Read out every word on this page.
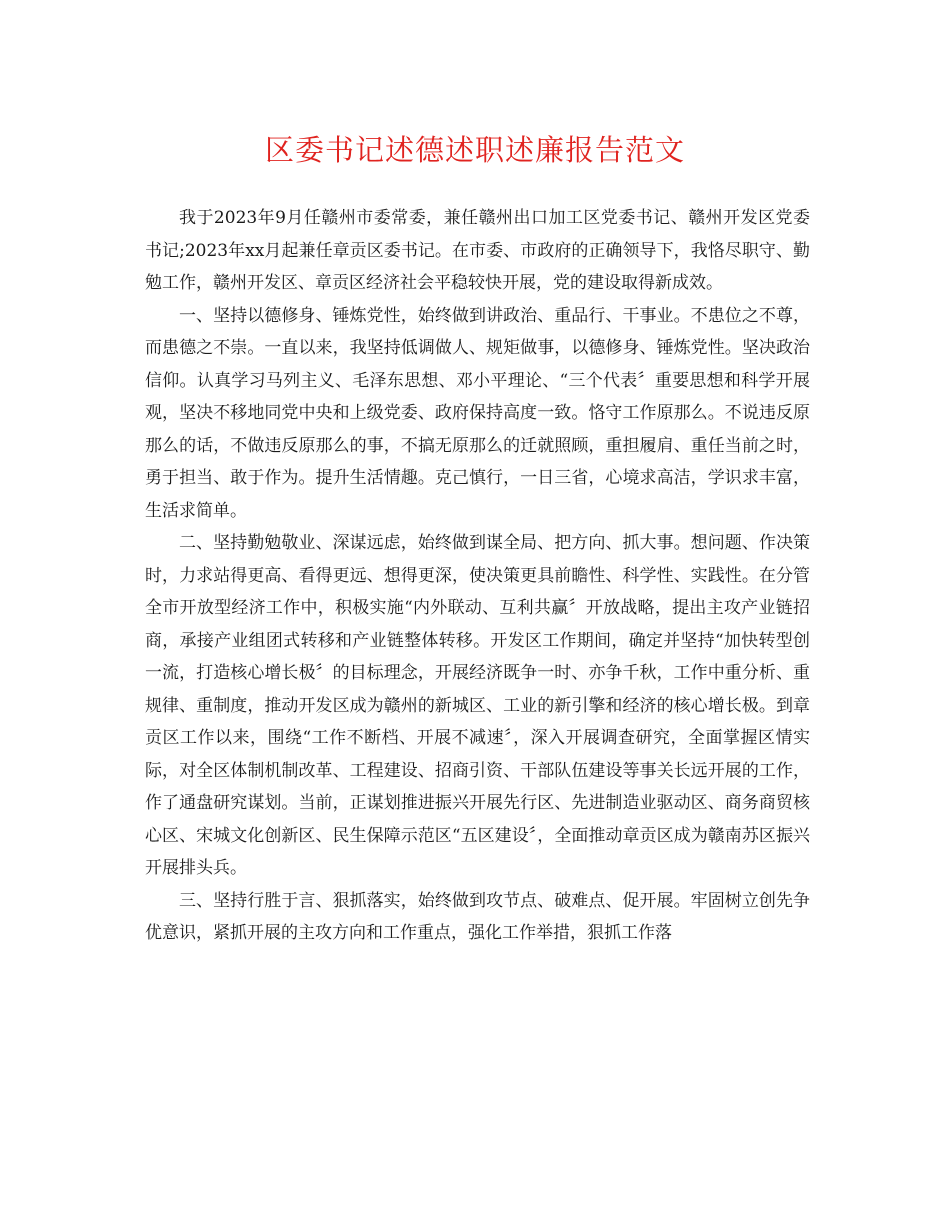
区委书记述德述职述廉报告范文

我于2023年9月任赣州市委常委，兼任赣州出口加工区党委书记、赣州开发区党委书记;2023年xx月起兼任章贡区委书记。在市委、市政府的正确领导下，我恪尽职守、勤勉工作，赣州开发区、章贡区经济社会平稳较快开展，党的建设取得新成效。

一、坚持以德修身、锤炼党性，始终做到讲政治、重品行、干事业。不患位之不尊，而患德之不崇。一直以来，我坚持低调做人、规矩做事，以德修身、锤炼党性。坚决政治信仰。认真学习马列主义、毛泽东思想、邓小平理论、“三个代表〞重要思想和科学开展观，坚决不移地同党中央和上级党委、政府保持高度一致。恪守工作原那么。不说违反原那么的话，不做违反原那么的事，不搞无原那么的迁就照顾，重担履肩、重任当前之时，勇于担当、敢于作为。提升生活情趣。克己慎行，一日三省，心境求高洁，学识求丰富，生活求简单。

二、坚持勤勉敬业、深谋远虑，始终做到谋全局、把方向、抓大事。想问题、作决策时，力求站得更高、看得更远、想得更深，使决策更具前瞻性、科学性、实践性。在分管全市开放型经济工作中，积极实施“内外联动、互利共赢〞开放战略，提出主攻产业链招商，承接产业组团式转移和产业链整体转移。开发区工作期间，确定并坚持“加快转型创一流，打造核心增长极〞的目标理念，开展经济既争一时、亦争千秋，工作中重分析、重规律、重制度，推动开发区成为赣州的新城区、工业的新引擎和经济的核心增长极。到章贡区工作以来，围绕“工作不断档、开展不减速〞，深入开展调查研究，全面掌握区情实际，对全区体制机制改革、工程建设、招商引资、干部队伍建设等事关长远开展的工作，作了通盘研究谋划。当前，正谋划推进振兴开展先行区、先进制造业驱动区、商务商贸核心区、宋城文化创新区、民生保障示范区“五区建设〞，全面推动章贡区成为赣南苏区振兴开展排头兵。

三、坚持行胜于言、狠抓落实，始终做到攻节点、破难点、促开展。牢固树立创先争优意识，紧抓开展的主攻方向和工作重点，强化工作举措，狠抓工作落
